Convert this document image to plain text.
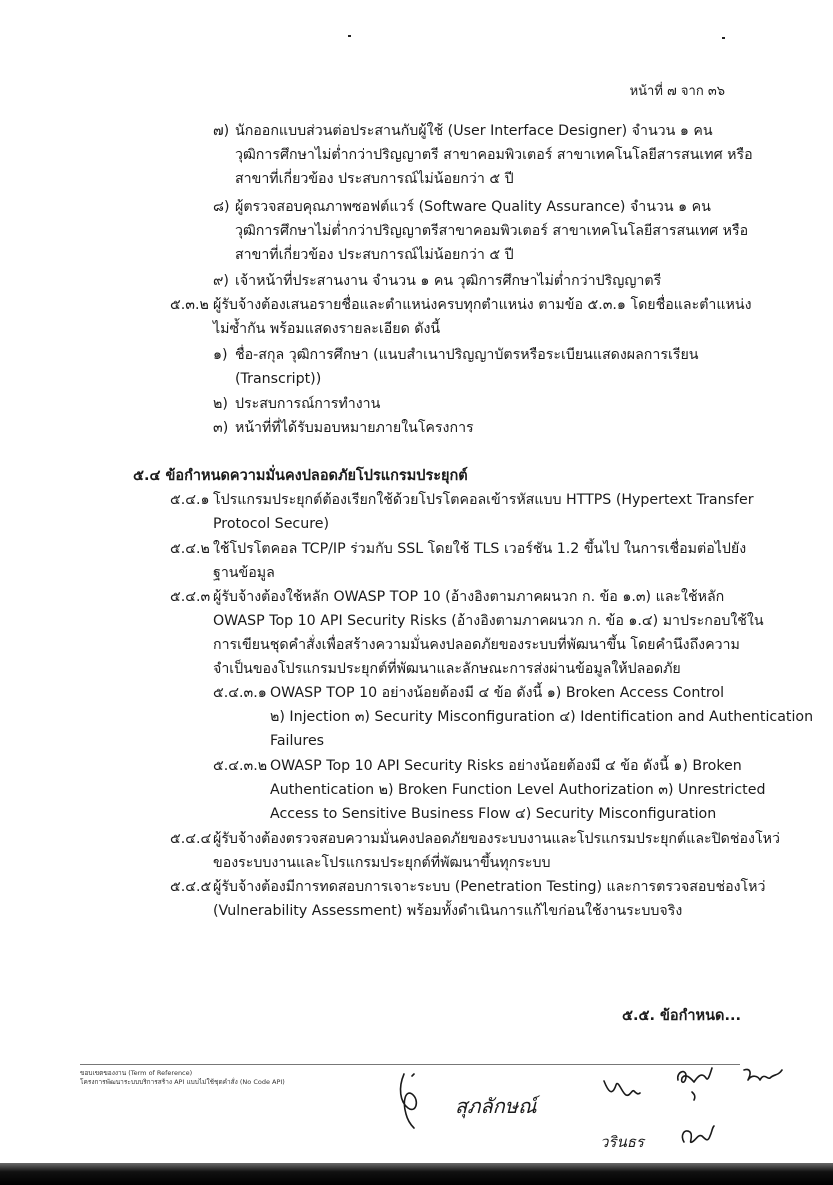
หน้าที่ ๗ จาก ๓๖
๗) นักออกแบบส่วนต่อประสานกับผู้ใช้ (User Interface Designer) จำนวน ๑ คน
วุฒิการศึกษาไม่ต่ำกว่าปริญญาตรี สาขาคอมพิวเตอร์ สาขาเทคโนโลยีสารสนเทศ หรือ
สาขาที่เกี่ยวข้อง ประสบการณ์ไม่น้อยกว่า ๕ ปี
๘) ผู้ตรวจสอบคุณภาพซอฟต์แวร์ (Software Quality Assurance) จำนวน ๑ คน
วุฒิการศึกษาไม่ต่ำกว่าปริญญาตรีสาขาคอมพิวเตอร์ สาขาเทคโนโลยีสารสนเทศ หรือ
สาขาที่เกี่ยวข้อง ประสบการณ์ไม่น้อยกว่า ๕ ปี
๙) เจ้าหน้าที่ประสานงาน จำนวน ๑ คน วุฒิการศึกษาไม่ต่ำกว่าปริญญาตรี
๕.๓.๒ ผู้รับจ้างต้องเสนอรายชื่อและตำแหน่งครบทุกตำแหน่ง ตามข้อ ๕.๓.๑ โดยชื่อและตำแหน่ง
ไม่ซ้ำกัน พร้อมแสดงรายละเอียด ดังนี้
๑) ชื่อ-สกุล วุฒิการศึกษา (แนบสำเนาปริญญาบัตรหรือระเบียนแสดงผลการเรียน
(Transcript))
๒) ประสบการณ์การทำงาน
๓) หน้าที่ที่ได้รับมอบหมายภายในโครงการ
๕.๔ ข้อกำหนดความมั่นคงปลอดภัยโปรแกรมประยุกต์
๕.๔.๑ โปรแกรมประยุกต์ต้องเรียกใช้ด้วยโปรโตคอลเข้ารหัสแบบ HTTPS (Hypertext Transfer
Protocol Secure)
๕.๔.๒ ใช้โปรโตคอล TCP/IP ร่วมกับ SSL โดยใช้ TLS เวอร์ชัน 1.2 ขึ้นไป ในการเชื่อมต่อไปยัง
ฐานข้อมูล
๕.๔.๓ ผู้รับจ้างต้องใช้หลัก OWASP TOP 10 (อ้างอิงตามภาคผนวก ก. ข้อ ๑.๓) และใช้หลัก
OWASP Top 10 API Security Risks (อ้างอิงตามภาคผนวก ก. ข้อ ๑.๔) มาประกอบใช้ใน
การเขียนชุดคำสั่งเพื่อสร้างความมั่นคงปลอดภัยของระบบที่พัฒนาขึ้น โดยคำนึงถึงความ
จำเป็นของโปรแกรมประยุกต์ที่พัฒนาและลักษณะการส่งผ่านข้อมูลให้ปลอดภัย
๕.๔.๓.๑ OWASP TOP 10 อย่างน้อยต้องมี ๔ ข้อ ดังนี้ ๑) Broken Access Control
๒) Injection ๓) Security Misconfiguration ๔) Identification and Authentication
Failures
๕.๔.๓.๒ OWASP Top 10 API Security Risks อย่างน้อยต้องมี ๔ ข้อ ดังนี้ ๑) Broken
Authentication ๒) Broken Function Level Authorization ๓) Unrestricted
Access to Sensitive Business Flow ๔) Security Misconfiguration
๕.๔.๔ ผู้รับจ้างต้องตรวจสอบความมั่นคงปลอดภัยของระบบงานและโปรแกรมประยุกต์และปิดช่องโหว่
ของระบบงานและโปรแกรมประยุกต์ที่พัฒนาขึ้นทุกระบบ
๕.๔.๕ ผู้รับจ้างต้องมีการทดสอบการเจาะระบบ (Penetration Testing) และการตรวจสอบช่องโหว่
(Vulnerability Assessment) พร้อมทั้งดำเนินการแก้ไขก่อนใช้งานระบบจริง
๕.๕. ข้อกำหนด...
ขอบเขตของงาน (Term of Reference)
โครงการพัฒนาระบบบริการสร้าง API แบบไม่ใช้ชุดคำสั่ง (No Code API)
สุภลักษณ์
วรินธร
